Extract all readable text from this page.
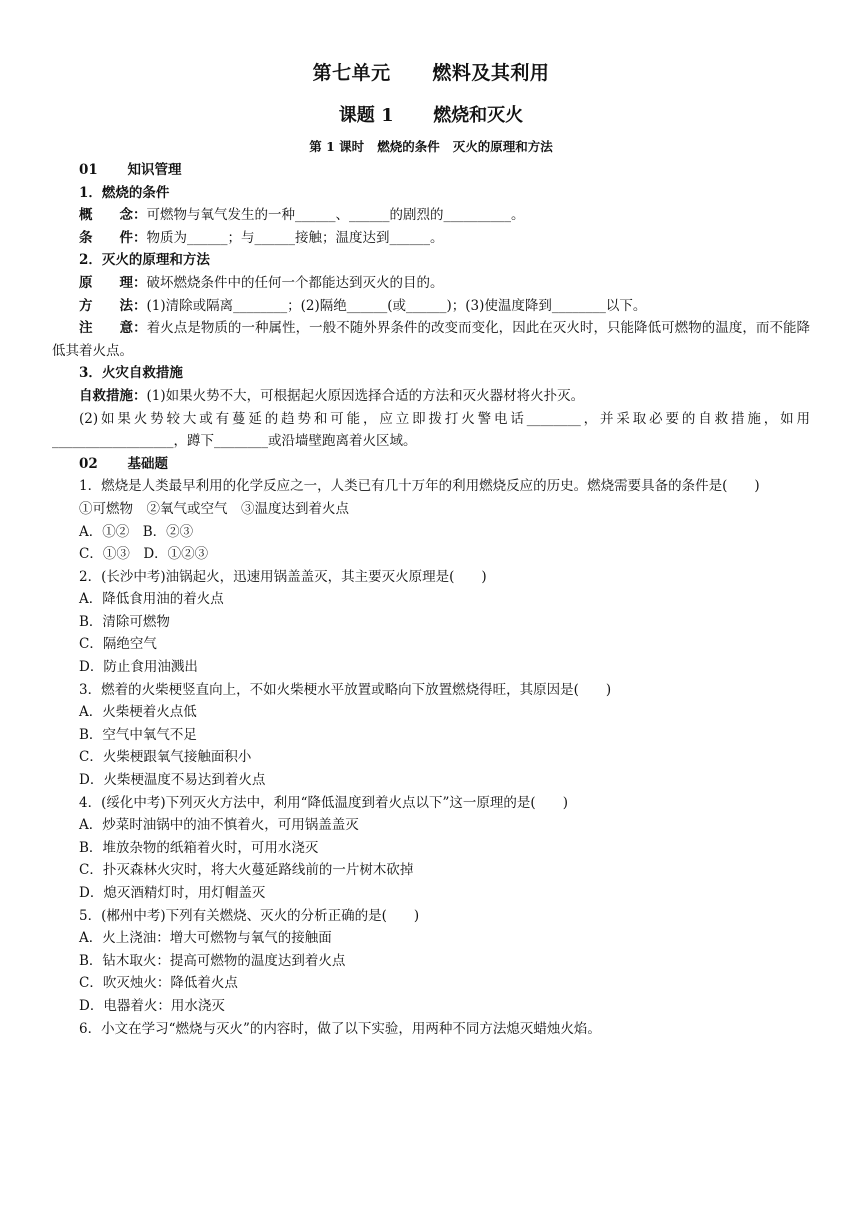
第七单元 燃料及其利用
课题 1 燃烧和灭火
第 1 课时 燃烧的条件 灭火的原理和方法
01 知识管理
1．燃烧的条件
概　　念：可燃物与氧气发生的一种______、______的剧烈的__________。
条　　件：物质为______；与______接触；温度达到______。
2．灭火的原理和方法
原　　理：破坏燃烧条件中的任何一个都能达到灭火的目的。
方　　法：(1)清除或隔离________；(2)隔绝______(或______)；(3)使温度降到________以下。
注　　意：着火点是物质的一种属性，一般不随外界条件的改变而变化，因此在灭火时，只能降低可燃物的温度，而不能降低其着火点。
3．火灾自救措施
自救措施：(1)如果火势不大，可根据起火原因选择合适的方法和灭火器材将火扑灭。
(2)如果火势较大或有蔓延的趋势和可能，应立即拨打火警电话________，并采取必要的自救措施，如用__________________，蹲下________或沿墙壁跑离着火区域。
02 基础题
1．燃烧是人类最早利用的化学反应之一，人类已有几十万年的利用燃烧反应的历史。燃烧需要具备的条件是(　　)
①可燃物　②氧气或空气　③温度达到着火点
A．①②　B．②③
C．①③　D．①②③
2．(长沙中考)油锅起火，迅速用锅盖盖灭，其主要灭火原理是(　　)
A．降低食用油的着火点
B．清除可燃物
C．隔绝空气
D．防止食用油溅出
3．燃着的火柴梗竖直向上，不如火柴梗水平放置或略向下放置燃烧得旺，其原因是(　　)
A．火柴梗着火点低
B．空气中氧气不足
C．火柴梗跟氧气接触面积小
D．火柴梗温度不易达到着火点
4．(绥化中考)下列灭火方法中，利用“降低温度到着火点以下”这一原理的是(　　)
A．炒菜时油锅中的油不慎着火，可用锅盖盖灭
B．堆放杂物的纸箱着火时，可用水浇灭
C．扑灭森林火灾时，将大火蔓延路线前的一片树木砍掉
D．熄灭酒精灯时，用灯帽盖灭
5．(郴州中考)下列有关燃烧、灭火的分析正确的是(　　)
A．火上浇油：增大可燃物与氧气的接触面
B．钻木取火：提高可燃物的温度达到着火点
C．吹灭烛火：降低着火点
D．电器着火：用水浇灭
6．小文在学习“燃烧与灭火”的内容时，做了以下实验，用两种不同方法熄灭蜡烛火焰。
